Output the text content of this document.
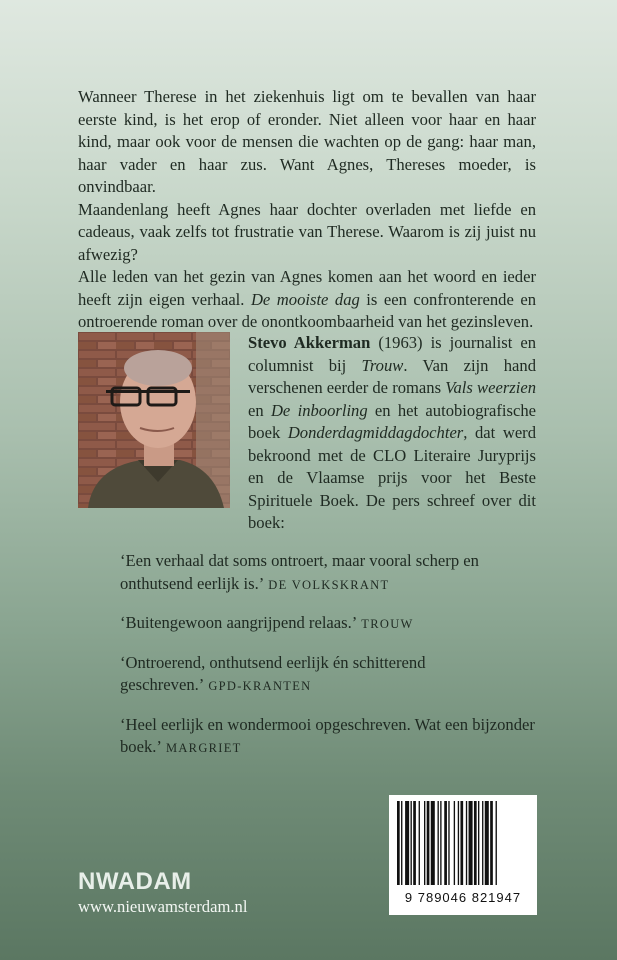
Wanneer Therese in het ziekenhuis ligt om te bevallen van haar eerste kind, is het erop of eronder. Niet alleen voor haar en haar kind, maar ook voor de mensen die wachten op de gang: haar man, haar vader en haar zus. Want Agnes, Thereses moeder, is onvindbaar.

Maandenlang heeft Agnes haar dochter overladen met liefde en cadeaus, vaak zelfs tot frustratie van Therese. Waarom is zij juist nu afwezig?

Alle leden van het gezin van Agnes komen aan het woord en ieder heeft zijn eigen verhaal. De mooiste dag is een confronterende en ontroerende roman over de onontkoombaarheid van het gezinsleven.

Stevo Akkerman (1963) is journalist en columnist bij Trouw. Van zijn hand verschenen eerder de romans Vals weerzien en De inboorling en het autobiografische boek Donderdagmiddagdochter, dat werd bekroond met de CLO Literaire Juryprijs en de Vlaamse prijs voor het Beste Spirituele Boek. De pers schreef over dit boek:

‘Een verhaal dat soms ontroert, maar vooral scherp en onthutsend eerlijk is.’ DE VOLKSKRANT

‘Buitengewoon aangrijpend relaas.’ TROUW

‘Ontroerend, onthutsend eerlijk én schitterend geschreven.’ GPD-KRANTEN

‘Heel eerlijk en wondermooi opgeschreven. Wat een bijzonder boek.’ MARGRIET

NWADAM
www.nieuwamsterdam.nl	9 789046 821947
